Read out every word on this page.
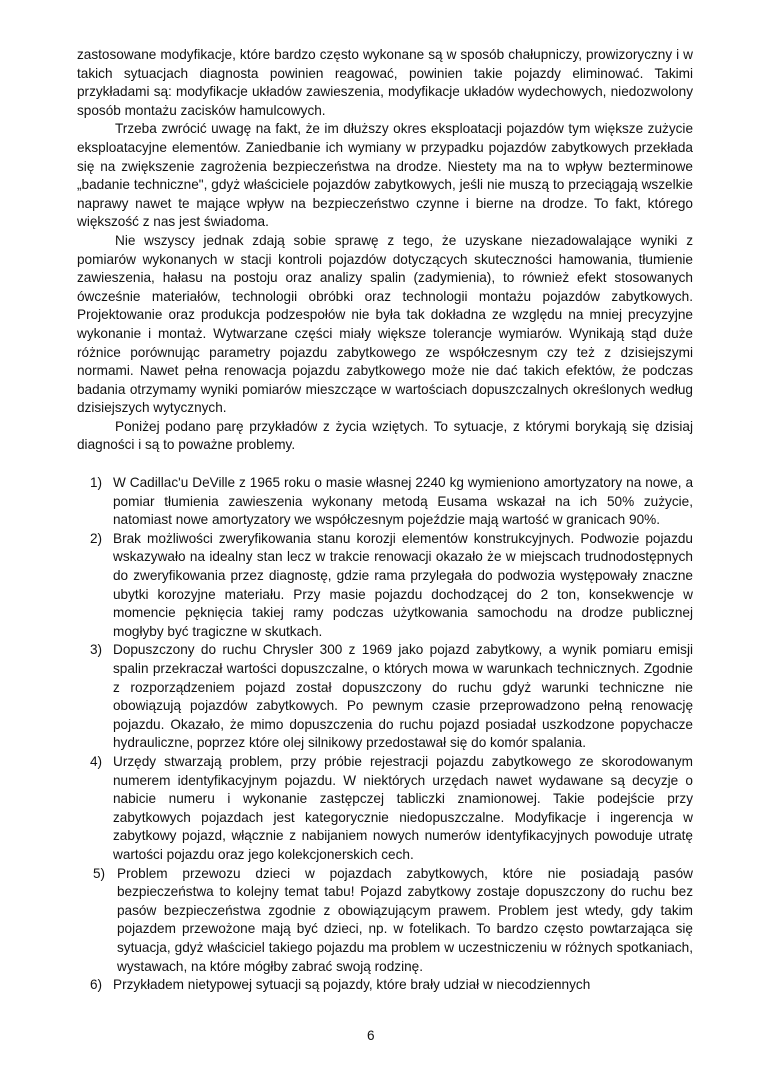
zastosowane modyfikacje, które bardzo często wykonane są w sposób chałupniczy, prowizoryczny i w takich sytuacjach diagnosta powinien reagować, powinien takie pojazdy eliminować. Takimi przykładami są: modyfikacje układów zawieszenia, modyfikacje układów wydechowych, niedozwolony sposób montażu zacisków hamulcowych.

Trzeba zwrócić uwagę na fakt, że im dłuższy okres eksploatacji pojazdów tym większe zużycie eksploatacyjne elementów. Zaniedbanie ich wymiany w przypadku pojazdów zabytkowych przekłada się na zwiększenie zagrożenia bezpieczeństwa na drodze. Niestety ma na to wpływ bezterminowe „badanie techniczne", gdyż właściciele pojazdów zabytkowych, jeśli nie muszą to przeciągają wszelkie naprawy nawet te mające wpływ na bezpieczeństwo czynne i bierne na drodze. To fakt, którego większość z nas jest świadoma.

Nie wszyscy jednak zdają sobie sprawę z tego, że uzyskane niezadowalające wyniki z pomiarów wykonanych w stacji kontroli pojazdów dotyczących skuteczności hamowania, tłumienie zawieszenia, hałasu na postoju oraz analizy spalin (zadymienia), to również efekt stosowanych ówcześnie materiałów, technologii obróbki oraz technologii montażu pojazdów zabytkowych. Projektowanie oraz produkcja podzespołów nie była tak dokładna ze względu na mniej precyzyjne wykonanie i montaż. Wytwarzane części miały większe tolerancje wymiarów. Wynikają stąd duże różnice porównując parametry pojazdu zabytkowego ze współczesnym czy też z dzisiejszymi normami. Nawet pełna renowacja pojazdu zabytkowego może nie dać takich efektów, że podczas badania otrzymamy wyniki pomiarów mieszczące w wartościach dopuszczalnych określonych według dzisiejszych wytycznych.

Poniżej podano parę przykładów z życia wziętych. To sytuacje, z którymi borykają się dzisiaj diagności i są to poważne problemy.

1) W Cadillac'u DeVille z 1965 roku o masie własnej 2240 kg wymieniono amortyzatory na nowe, a pomiar tłumienia zawieszenia wykonany metodą Eusama wskazał na ich 50% zużycie, natomiast nowe amortyzatory we współczesnym pojeździe mają wartość w granicach 90%.
2) Brak możliwości zweryfikowania stanu korozji elementów konstrukcyjnych. Podwozie pojazdu wskazywało na idealny stan lecz w trakcie renowacji okazało że w miejscach trudnodostępnych do zweryfikowania przez diagnostę, gdzie rama przylegała do podwozia występowały znaczne ubytki korozyjne materiału. Przy masie pojazdu dochodzącej do 2 ton, konsekwencje w momencie pęknięcia takiej ramy podczas użytkowania samochodu na drodze publicznej mogłyby być tragiczne w skutkach.
3) Dopuszczony do ruchu Chrysler 300 z 1969 jako pojazd zabytkowy, a wynik pomiaru emisji spalin przekraczał wartości dopuszczalne, o których mowa w warunkach technicznych. Zgodnie z rozporządzeniem pojazd został dopuszczony do ruchu gdyż warunki techniczne nie obowiązują pojazdów zabytkowych. Po pewnym czasie przeprowadzono pełną renowację pojazdu. Okazało, że mimo dopuszczenia do ruchu pojazd posiadał uszkodzone popychacze hydrauliczne, poprzez które olej silnikowy przedostawał się do komór spalania.
4) Urzędy stwarzają problem, przy próbie rejestracji pojazdu zabytkowego ze skorodowanym numerem identyfikacyjnym pojazdu. W niektórych urzędach nawet wydawane są decyzje o nabicie numeru i wykonanie zastępczej tabliczki znamionowej. Takie podejście przy zabytkowych pojazdach jest kategorycznie niedopuszczalne. Modyfikacje i ingerencja w zabytkowy pojazd, włącznie z nabijaniem nowych numerów identyfikacyjnych powoduje utratę wartości pojazdu oraz jego kolekcjonerskich cech.
5) Problem przewozu dzieci w pojazdach zabytkowych, które nie posiadają pasów bezpieczeństwa to kolejny temat tabu! Pojazd zabytkowy zostaje dopuszczony do ruchu bez pasów bezpieczeństwa zgodnie z obowiązującym prawem. Problem jest wtedy, gdy takim pojazdem przewożone mają być dzieci, np. w fotelikach. To bardzo często powtarzająca się sytuacja, gdyż właściciel takiego pojazdu ma problem w uczestniczeniu w różnych spotkaniach, wystawach, na które mógłby zabrać swoją rodzinę.
6) Przykładem nietypowej sytuacji są pojazdy, które brały udział w niecodziennych
6
